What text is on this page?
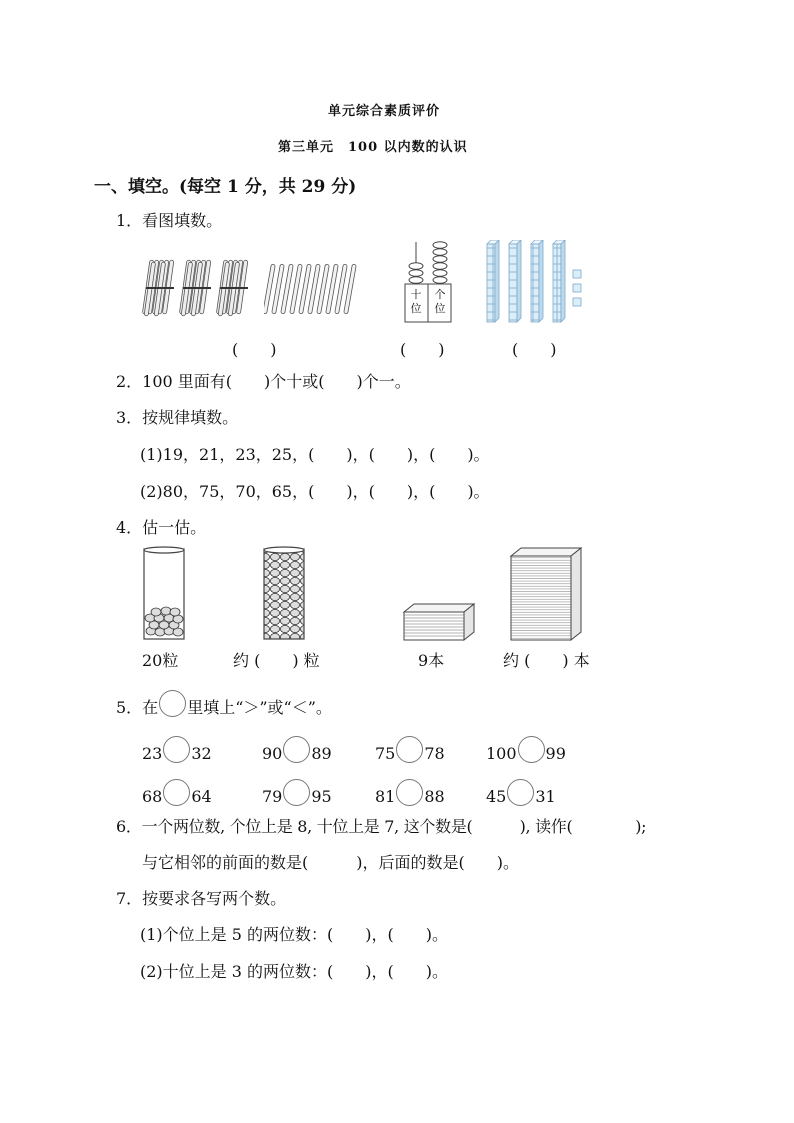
单元综合素质评价
第三单元　100 以内数的认识
一、填空。(每空 1 分，共 29 分)
1．看图填数。
十位
个位
(　　)	(　　)	(　　)
2．100 里面有(　　)个十或(　　)个一。
3．按规律填数。
(1)19，21，23，25，(　　)，(　　)，(　　)。
(2)80，75，70，65，(　　)，(　　)，(　　)。
4．估一估。
20粒	约 (　　) 粒	9本	约 (　　) 本
5．在 里填上“＞”或“＜”。
23 32	90 89	75 78	100 99
68 64	79 95	81 88	45 31
6．一个两位数, 个位上是 8, 十位上是 7, 这个数是(　　　), 读作(　　　　);
与它相邻的前面的数是(　　　)，后面的数是(　　)。
7．按要求各写两个数。
(1)个位上是 5 的两位数：(　　)，(　　)。
(2)十位上是 3 的两位数：(　　)，(　　)。
